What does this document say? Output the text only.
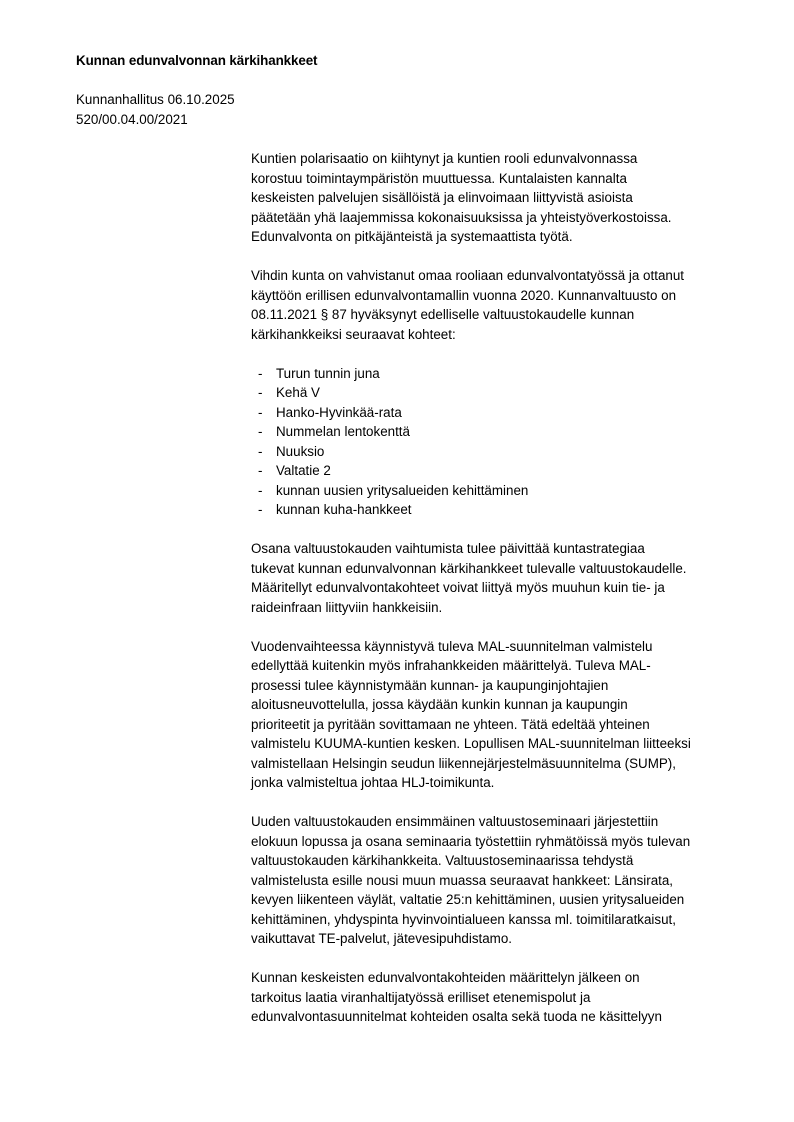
Kunnan edunvalvonnan kärkihankkeet
Kunnanhallitus 06.10.2025
520/00.04.00/2021
Kuntien polarisaatio on kiihtynyt ja kuntien rooli edunvalvonnassa
korostuu toimintaympäristön muuttuessa. Kuntalaisten kannalta
keskeisten palvelujen sisällöistä ja elinvoimaan liittyvistä asioista
päätetään yhä laajemmissa kokonaisuuksissa ja yhteistyöverkostoissa.
Edunvalvonta on pitkäjänteistä ja systemaattista työtä.
Vihdin kunta on vahvistanut omaa rooliaan edunvalvontatyössä ja ottanut
käyttöön erillisen edunvalvontamallin vuonna 2020. Kunnanvaltuusto on
08.11.2021 § 87 hyväksynyt edelliselle valtuustokaudelle kunnan
kärkihankkeiksi seuraavat kohteet:
- Turun tunnin juna
- Kehä V
- Hanko-Hyvinkää-rata
- Nummelan lentokenttä
- Nuuksio
- Valtatie 2
- kunnan uusien yritysalueiden kehittäminen
- kunnan kuha-hankkeet
Osana valtuustokauden vaihtumista tulee päivittää kuntastrategiaa
tukevat kunnan edunvalvonnan kärkihankkeet tulevalle valtuustokaudelle.
Määritellyt edunvalvontakohteet voivat liittyä myös muuhun kuin tie- ja
raideinfraan liittyviin hankkeisiin.
Vuodenvaihteessa käynnistyvä tuleva MAL-suunnitelman valmistelu
edellyttää kuitenkin myös infrahankkeiden määrittelyä. Tuleva MAL-
prosessi tulee käynnistymään kunnan- ja kaupunginjohtajien
aloitusneuvottelulla, jossa käydään kunkin kunnan ja kaupungin
prioriteetit ja pyritään sovittamaan ne yhteen. Tätä edeltää yhteinen
valmistelu KUUMA-kuntien kesken. Lopullisen MAL-suunnitelman liitteeksi
valmistellaan Helsingin seudun liikennejärjestelmäsuunnitelma (SUMP),
jonka valmisteltua johtaa HLJ-toimikunta.
Uuden valtuustokauden ensimmäinen valtuustoseminaari järjestettiin
elokuun lopussa ja osana seminaaria työstettiin ryhmätöissä myös tulevan
valtuustokauden kärkihankkeita. Valtuustoseminaarissa tehdystä
valmistelusta esille nousi muun muassa seuraavat hankkeet: Länsirata,
kevyen liikenteen väylät, valtatie 25:n kehittäminen, uusien yritysalueiden
kehittäminen, yhdyspinta hyvinvointialueen kanssa ml. toimitilaratkaisut,
vaikuttavat TE-palvelut, jätevesipuhdistamo.
Kunnan keskeisten edunvalvontakohteiden määrittelyn jälkeen on
tarkoitus laatia viranhaltijatyössä erilliset etenemispolut ja
edunvalvontasuunnitelmat kohteiden osalta sekä tuoda ne käsittelyyn
